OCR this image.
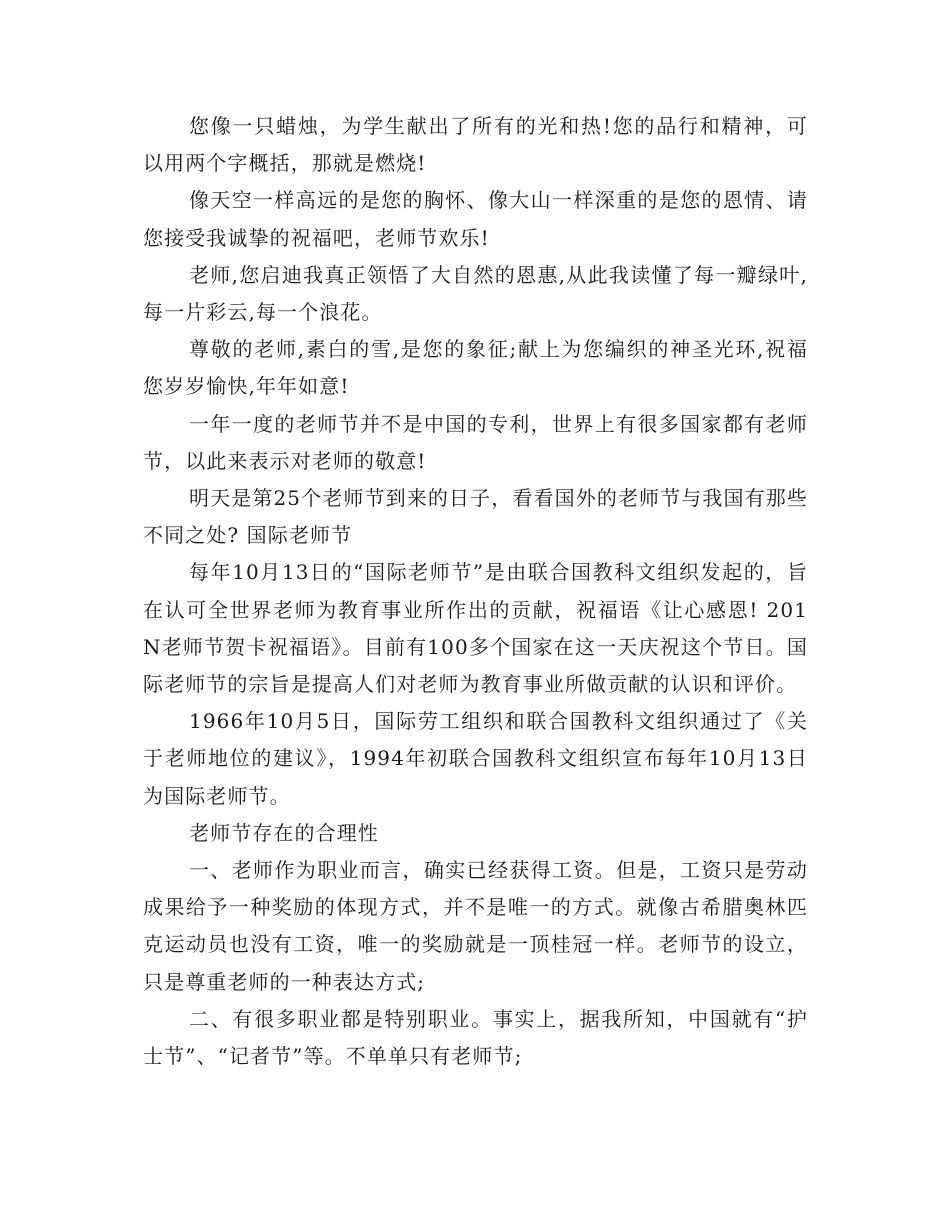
您像一只蜡烛，为学生献出了所有的光和热!您的品行和精神，可以用两个字概括，那就是燃烧!

像天空一样高远的是您的胸怀、像大山一样深重的是您的恩情、请您接受我诚挚的祝福吧，老师节欢乐!

老师,您启迪我真正领悟了大自然的恩惠,从此我读懂了每一瓣绿叶,每一片彩云,每一个浪花。

尊敬的老师,素白的雪,是您的象征;献上为您编织的神圣光环,祝福您岁岁愉快,年年如意!

一年一度的老师节并不是中国的专利，世界上有很多国家都有老师节，以此来表示对老师的敬意!

明天是第25个老师节到来的日子，看看国外的老师节与我国有那些不同之处? 国际老师节

每年10月13日的“国际老师节”是由联合国教科文组织发起的，旨在认可全世界老师为教育事业所作出的贡献，祝福语《让心感恩! 201N老师节贺卡祝福语》。目前有100多个国家在这一天庆祝这个节日。国际老师节的宗旨是提高人们对老师为教育事业所做贡献的认识和评价。

1966年10月5日，国际劳工组织和联合国教科文组织通过了《关于老师地位的建议》，1994年初联合国教科文组织宣布每年10月13日为国际老师节。

老师节存在的合理性

一、老师作为职业而言，确实已经获得工资。但是，工资只是劳动成果给予一种奖励的体现方式，并不是唯一的方式。就像古希腊奥林匹克运动员也没有工资，唯一的奖励就是一顶桂冠一样。老师节的设立，只是尊重老师的一种表达方式;

二、有很多职业都是特别职业。事实上，据我所知，中国就有“护士节”、“记者节”等。不单单只有老师节;
